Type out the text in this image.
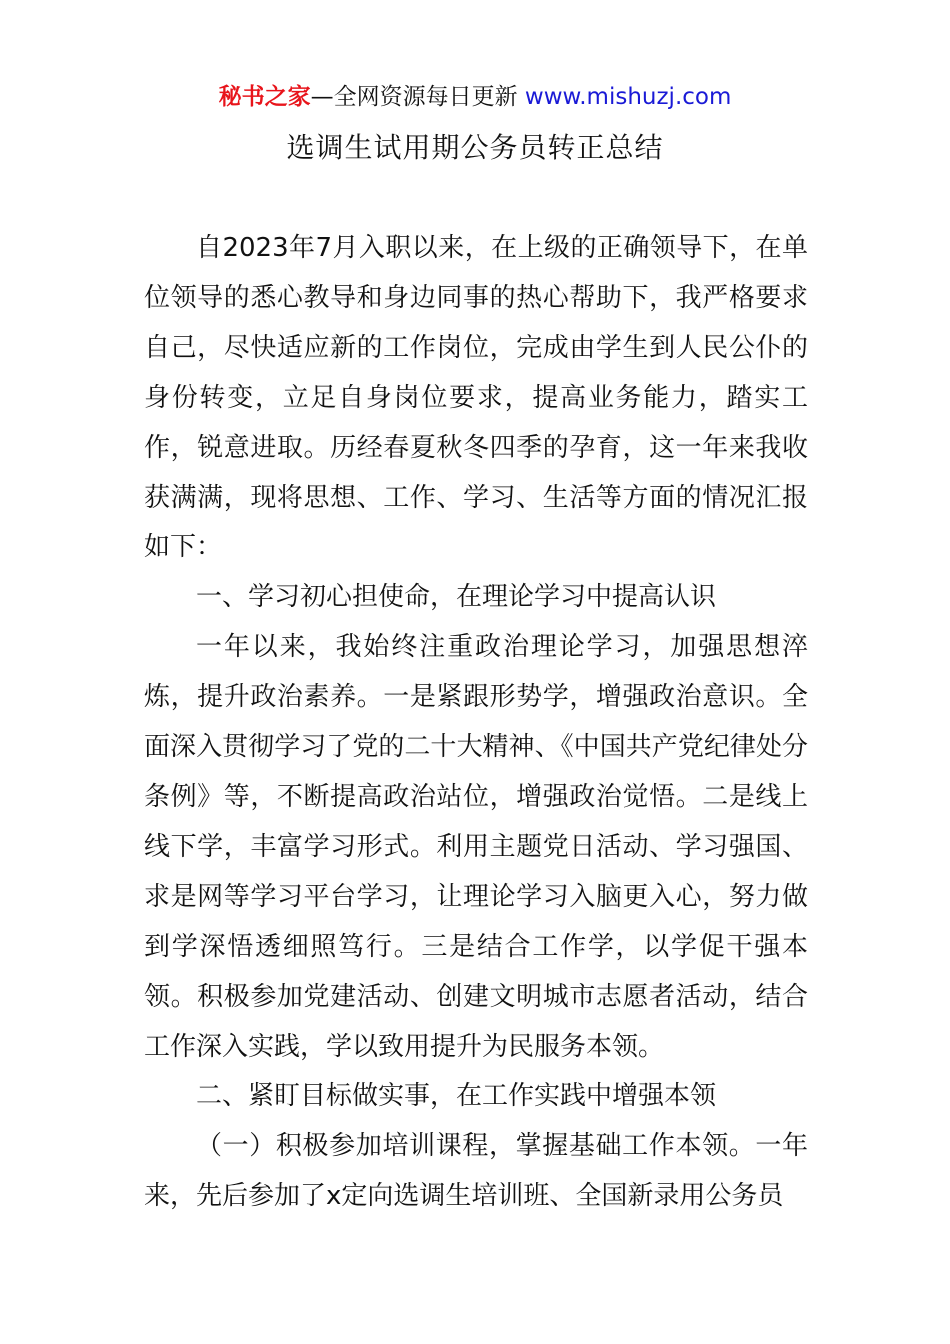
秘书之家—全网资源每日更新 www.mishuzj.com
选调生试用期公务员转正总结

自2023年7月入职以来，在上级的正确领导下，在单位领导的悉心教导和身边同事的热心帮助下，我严格要求自己，尽快适应新的工作岗位，完成由学生到人民公仆的身份转变，立足自身岗位要求，提高业务能力，踏实工作，锐意进取。历经春夏秋冬四季的孕育，这一年来我收获满满，现将思想、工作、学习、生活等方面的情况汇报如下：

一、学习初心担使命，在理论学习中提高认识

一年以来，我始终注重政治理论学习，加强思想淬炼，提升政治素养。一是紧跟形势学，增强政治意识。全面深入贯彻学习了党的二十大精神、《中国共产党纪律处分条例》等，不断提高政治站位，增强政治觉悟。二是线上线下学，丰富学习形式。利用主题党日活动、学习强国、求是网等学习平台学习，让理论学习入脑更入心，努力做到学深悟透细照笃行。三是结合工作学，以学促干强本领。积极参加党建活动、创建文明城市志愿者活动，结合工作深入实践，学以致用提升为民服务本领。

二、紧盯目标做实事，在工作实践中增强本领

（一）积极参加培训课程，掌握基础工作本领。一年来，先后参加了x定向选调生培训班、全国新录用公务员
